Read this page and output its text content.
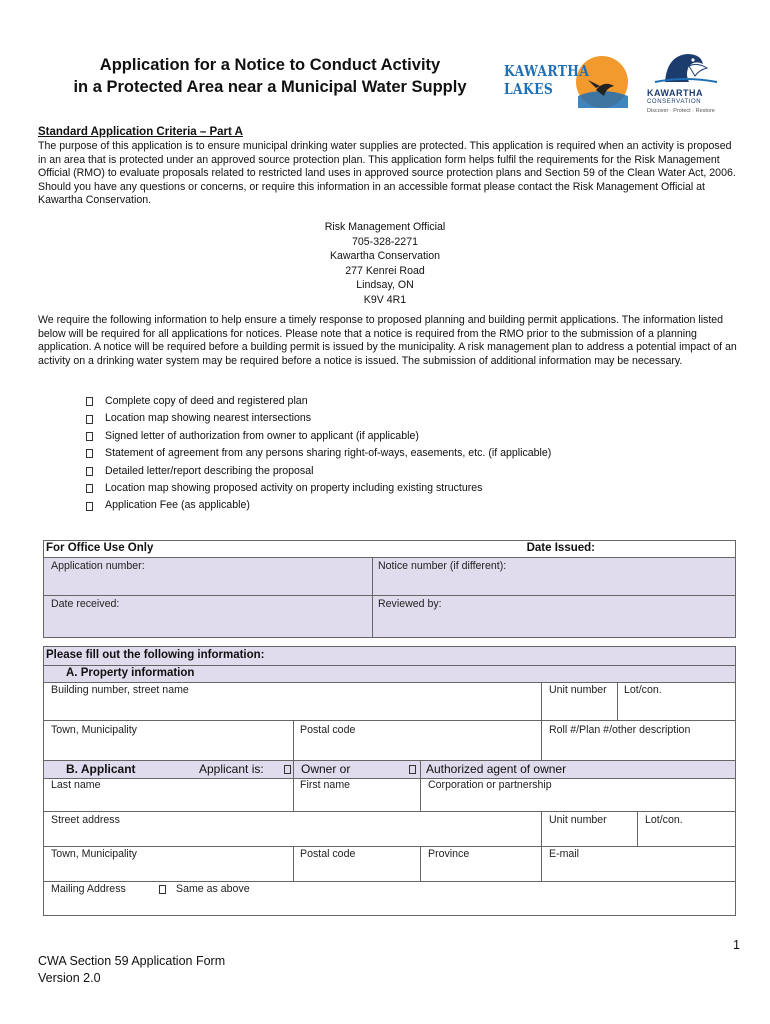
Application for a Notice to Conduct Activity
in a Protected Area near a Municipal Water Supply
KAWARTHA LAKES	KAWARTHA
CONSERVATION
Discover · Protect · Restore
Standard Application Criteria – Part A
The purpose of this application is to ensure municipal drinking water supplies are protected. This application is required when an activity is proposed in an area that is protected under an approved source protection plan. This application form helps fulfil the requirements for the Risk Management Official (RMO) to evaluate proposals related to restricted land uses in approved source protection plans and Section 59 of the Clean Water Act, 2006. Should you have any questions or concerns, or require this information in an accessible format please contact the Risk Management Official at Kawartha Conservation.
Risk Management Official
705-328-2271
Kawartha Conservation
277 Kenrei Road
Lindsay, ON
K9V 4R1
We require the following information to help ensure a timely response to proposed planning and building permit applications. The information listed below will be required for all applications for notices. Please note that a notice is required from the RMO prior to the submission of a planning application. A notice will be required before a building permit is issued by the municipality. A risk management plan to address a potential impact of an activity on a drinking water system may be required before a notice is issued. The submission of additional information may be necessary.
Complete copy of deed and registered plan
Location map showing nearest intersections
Signed letter of authorization from owner to applicant (if applicable)
Statement of agreement from any persons sharing right-of-ways, easements, etc. (if applicable)
Detailed letter/report describing the proposal
Location map showing proposed activity on property including existing structures
Application Fee (as applicable)
For Office Use Only	Date Issued:
Application number:	Notice number (if different):
Date received:	Reviewed by:
Please fill out the following information:
A. Property information
Building number, street name	Unit number Lot/con.
Town, Municipality	Postal code	Roll #/Plan #/other description
B. Applicant	Applicant is:	Owner or	Authorized agent of owner
Last name	First name	Corporation or partnership
Street address	Unit number	Lot/con.
Town, Municipality	Postal code	Province	E-mail
Mailing Address	Same as above
1
CWA Section 59 Application Form
Version 2.0
